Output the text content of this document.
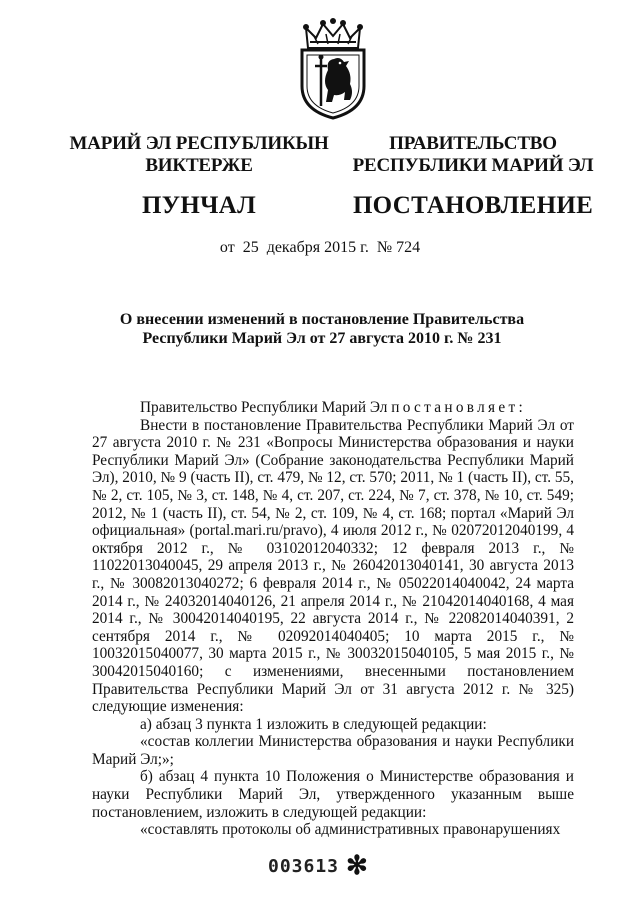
МАРИЙ ЭЛ РЕСПУБЛИКЫН
ВИКТЕРЖЕ
ПУНЧАЛ
ПРАВИТЕЛЬСТВО
РЕСПУБЛИКИ МАРИЙ ЭЛ
ПОСТАНОВЛЕНИЕ
от 25 декабря 2015 г. № 724
О внесении изменений в постановление Правительства
Республики Марий Эл от 27 августа 2010 г. № 231

Правительство Республики Марий Эл постановляет:

Внести в постановление Правительства Республики Марий Эл от 27 августа 2010 г. № 231 «Вопросы Министерства образования и науки Республики Марий Эл» (Собрание законодательства Республики Марий Эл), 2010, № 9 (часть II), ст. 479, № 12, ст. 570; 2011, № 1 (часть II), ст. 55, № 2, ст. 105, № 3, ст. 148, № 4, ст. 207, ст. 224, № 7, ст. 378, № 10, ст. 549; 2012, № 1 (часть II), ст. 54, № 2, ст. 109, № 4, ст. 168; портал «Марий Эл официальная» (portal.mari.ru/pravo), 4 июля 2012 г., № 02072012040199, 4 октября 2012 г., № 03102012040332; 12 февраля 2013 г., № 11022013040045, 29 апреля 2013 г., № 26042013040141, 30 августа 2013 г., № 30082013040272; 6 февраля 2014 г., № 05022014040042, 24 марта 2014 г., № 24032014040126, 21 апреля 2014 г., № 21042014040168, 4 мая 2014 г., № 30042014040195, 22 августа 2014 г., № 22082014040391, 2 сентября 2014 г., № 02092014040405; 10 марта 2015 г., № 10032015040077, 30 марта 2015 г., № 30032015040105, 5 мая 2015 г., № 30042015040160; с изменениями, внесенными постановлением Правительства Республики Марий Эл от 31 августа 2012 г. № 325) следующие изменения:

а) абзац 3 пункта 1 изложить в следующей редакции:

«состав коллегии Министерства образования и науки Республики Марий Эл;»;

б) абзац 4 пункта 10 Положения о Министерстве образования и науки Республики Марий Эл, утвержденного указанным выше постановлением, изложить в следующей редакции:

«составлять протоколы об административных правонарушениях

003613 ✻
